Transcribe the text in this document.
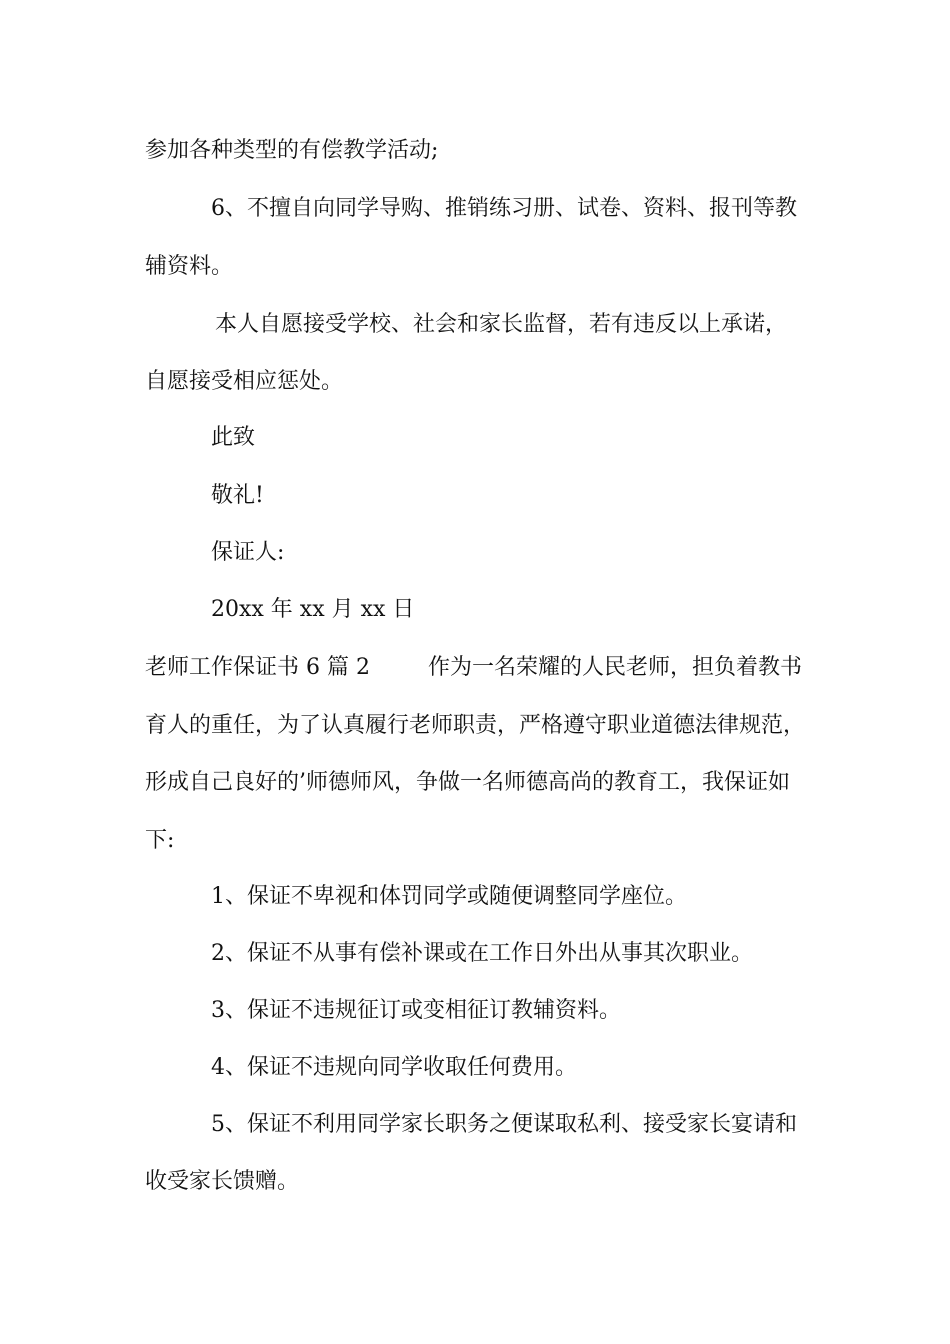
参加各种类型的有偿教学活动;
6、不擅自向同学导购、推销练习册、试卷、资料、报刊等教
辅资料。
本人自愿接受学校、社会和家长监督，若有违反以上承诺，
自愿接受相应惩处。
此致
敬礼!
保证人:
20xx 年 xx 月 xx 日
老师工作保证书 6 篇 2	作为一名荣耀的人民老师，担负着教书
育人的重任，为了认真履行老师职责，严格遵守职业道德法律规范，
形成自己良好的’师德师风，争做一名师德高尚的教育工，我保证如
下:
1、保证不卑视和体罚同学或随便调整同学座位。
2、保证不从事有偿补课或在工作日外出从事其次职业。
3、保证不违规征订或变相征订教辅资料。
4、保证不违规向同学收取任何费用。
5、保证不利用同学家长职务之便谋取私利、接受家长宴请和
收受家长馈赠。
